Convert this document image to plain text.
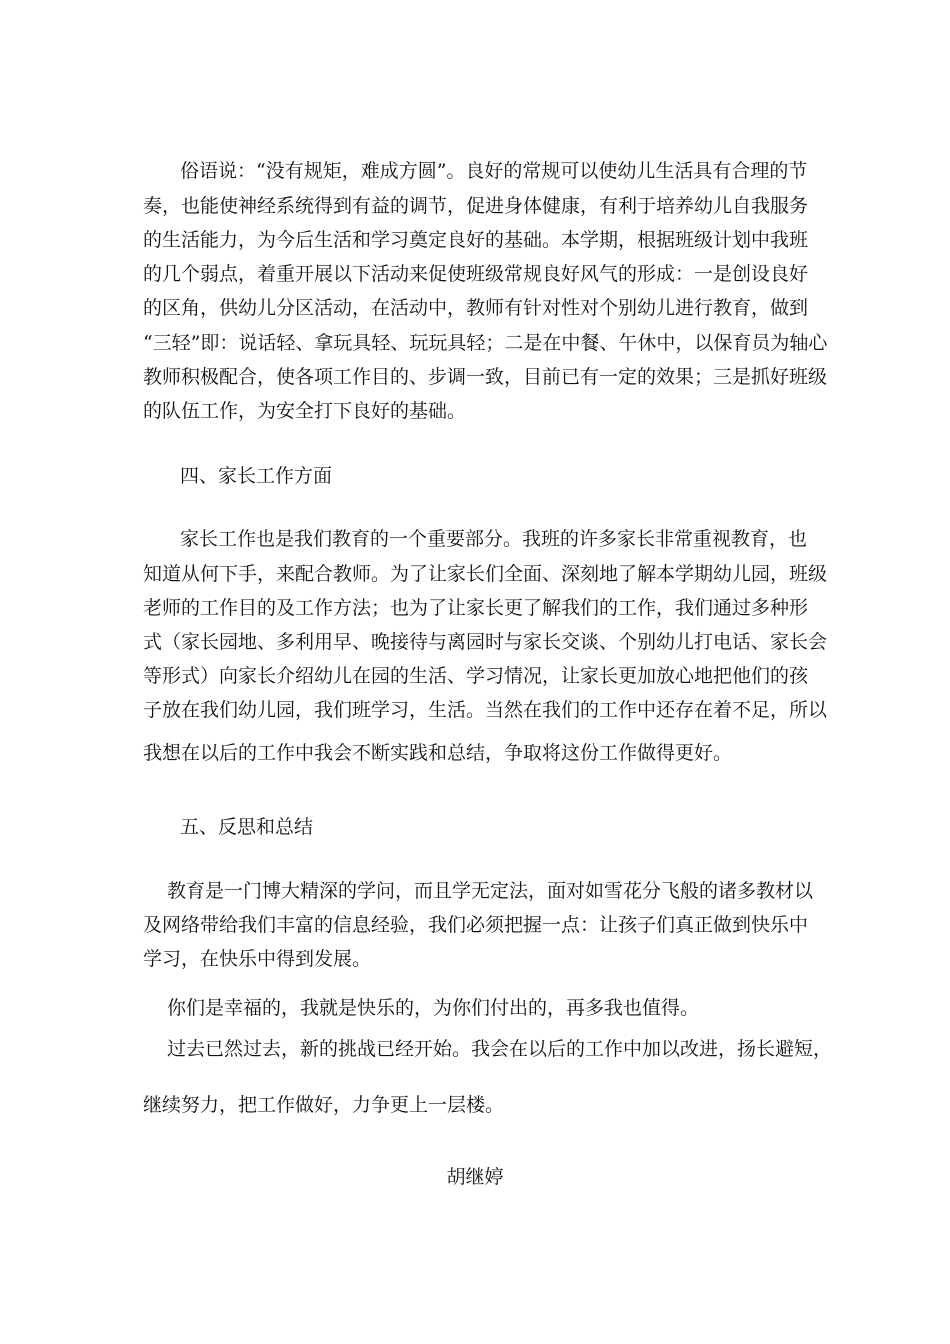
俗语说：“没有规矩，难成方圆”。良好的常规可以使幼儿生活具有合理的节
奏，也能使神经系统得到有益的调节，促进身体健康，有利于培养幼儿自我服务
的生活能力，为今后生活和学习奠定良好的基础。本学期，根据班级计划中我班
的几个弱点，着重开展以下活动来促使班级常规良好风气的形成：一是创设良好
的区角，供幼儿分区活动，在活动中，教师有针对性对个别幼儿进行教育，做到
“三轻”即：说话轻、拿玩具轻、玩玩具轻；二是在中餐、午休中，以保育员为轴心
教师积极配合，使各项工作目的、步调一致，目前已有一定的效果；三是抓好班级
的队伍工作，为安全打下良好的基础。
四、家长工作方面
家长工作也是我们教育的一个重要部分。我班的许多家长非常重视教育，也
知道从何下手，来配合教师。为了让家长们全面、深刻地了解本学期幼儿园，班级
老师的工作目的及工作方法；也为了让家长更了解我们的工作，我们通过多种形
式（家长园地、多利用早、晚接待与离园时与家长交谈、个别幼儿打电话、家长会
等形式）向家长介绍幼儿在园的生活、学习情况，让家长更加放心地把他们的孩
子放在我们幼儿园，我们班学习，生活。当然在我们的工作中还存在着不足，所以
我想在以后的工作中我会不断实践和总结，争取将这份工作做得更好。
五、反思和总结
教育是一门博大精深的学问，而且学无定法，面对如雪花分飞般的诸多教材以
及网络带给我们丰富的信息经验，我们必须把握一点：让孩子们真正做到快乐中
学习，在快乐中得到发展。
你们是幸福的，我就是快乐的，为你们付出的，再多我也值得。
过去已然过去，新的挑战已经开始。我会在以后的工作中加以改进，扬长避短，
继续努力，把工作做好，力争更上一层楼。
胡继婷
